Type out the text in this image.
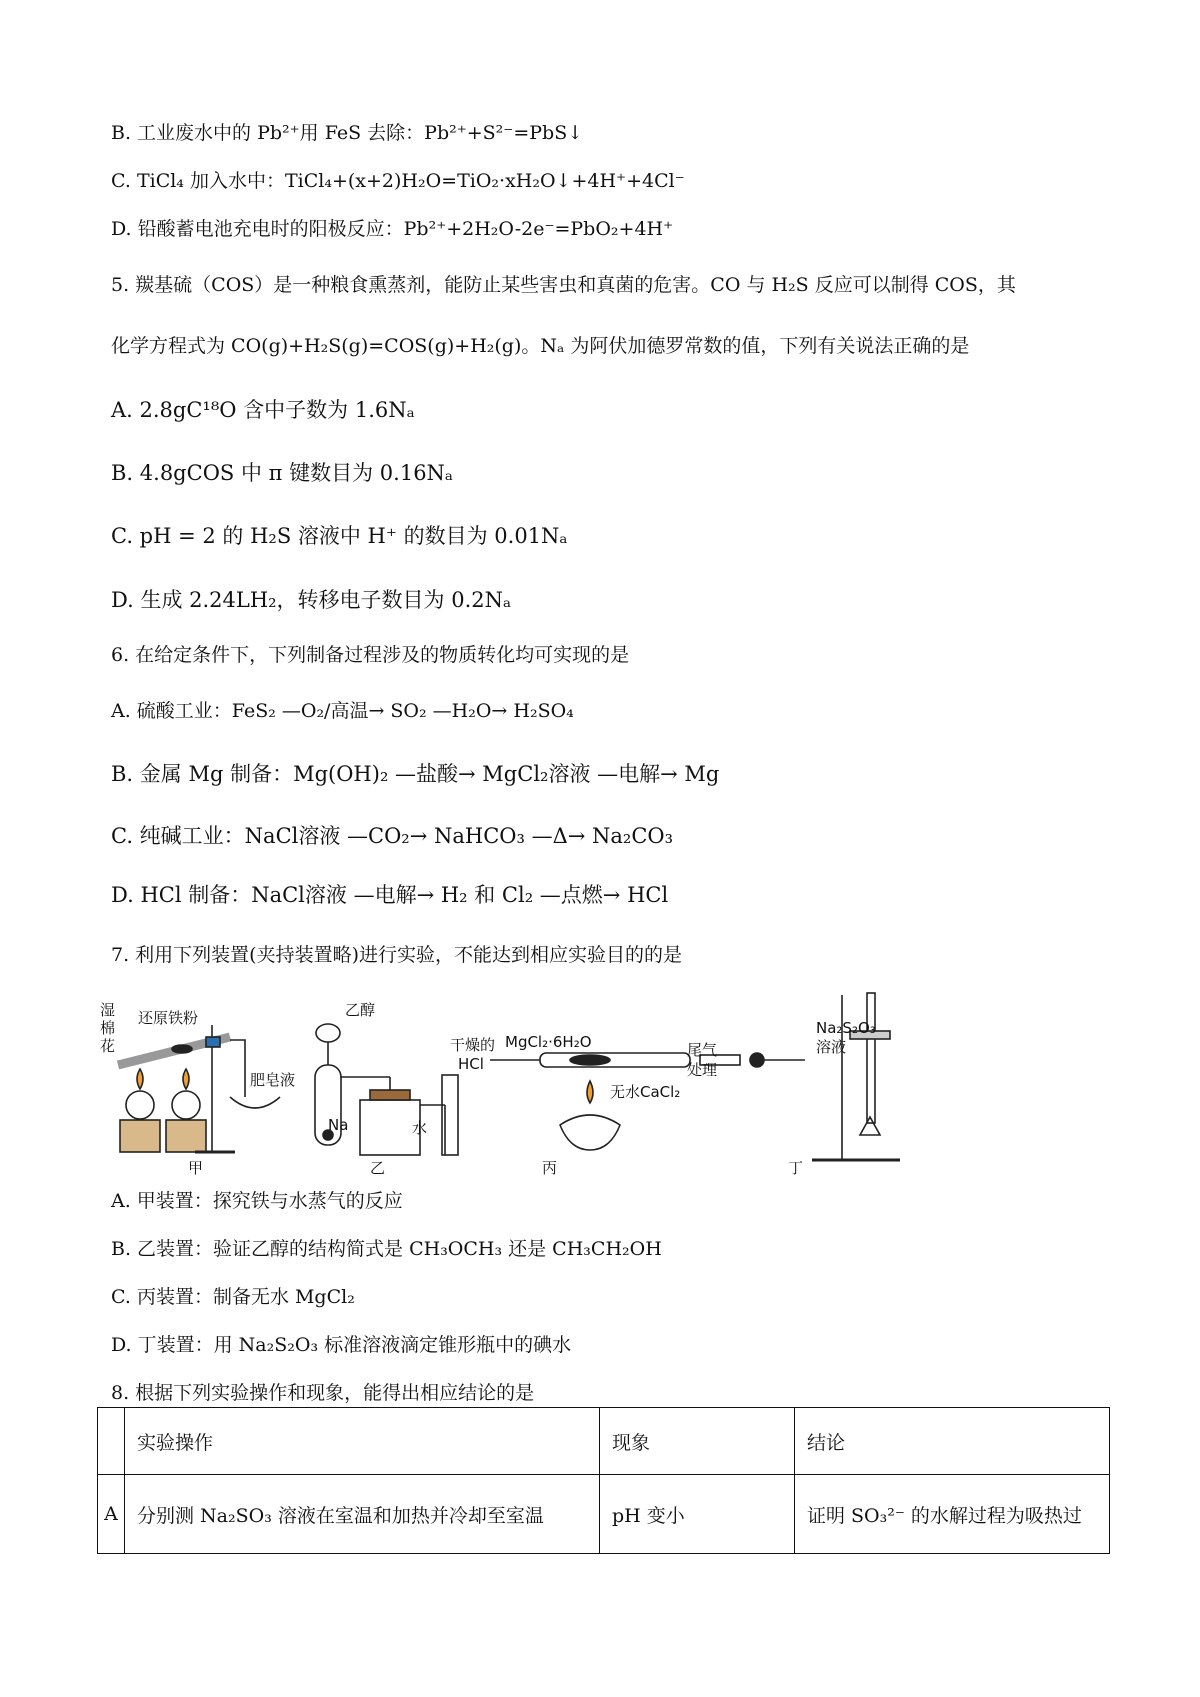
B. 工业废水中的 Pb²⁺用 FeS 去除：Pb²⁺+S²⁻=PbS↓
C. TiCl₄ 加入水中：TiCl₄+(x+2)H₂O=TiO₂·xH₂O↓+4H⁺+4Cl⁻
D. 铅酸蓄电池充电时的阳极反应：Pb²⁺+2H₂O-2e⁻=PbO₂+4H⁺
5. 羰基硫（COS）是一种粮食熏蒸剂，能防止某些害虫和真菌的危害。CO 与 H₂S 反应可以制得 COS，其
化学方程式为 CO(g)+H₂S(g)=COS(g)+H₂(g)。Nₐ 为阿伏加德罗常数的值，下列有关说法正确的是
A. 2.8gC¹⁸O 含中子数为 1.6Nₐ
B. 4.8gCOS 中 π 键数目为 0.16Nₐ
C. pH = 2 的 H₂S 溶液中 H⁺ 的数目为 0.01Nₐ
D. 生成 2.24LH₂，转移电子数目为 0.2Nₐ
6. 在给定条件下，下列制备过程涉及的物质转化均可实现的是
A. 硫酸工业：FeS₂ —O₂/高温→ SO₂ —H₂O→ H₂SO₄
B. 金属 Mg 制备：Mg(OH)₂ —盐酸→ MgCl₂溶液 —电解→ Mg
C. 纯碱工业：NaCl溶液 —CO₂→ NaHCO₃ —Δ→ Na₂CO₃
D. HCl 制备：NaCl溶液 —电解→ H₂ 和 Cl₂ —点燃→ HCl
7. 利用下列装置(夹持装置略)进行实验，不能达到相应实验目的的是
湿
棉
花
还原铁粉
肥皂液
甲
乙醇
Na	水
乙
干燥的
HCl
MgCl₂·6H₂O
无水CaCl₂
尾气
处理
丙
Na₂S₂O₃
溶液
丁
A. 甲装置：探究铁与水蒸气的反应
B. 乙装置：验证乙醇的结构简式是 CH₃OCH₃ 还是 CH₃CH₂OH
C. 丙装置：制备无水 MgCl₂
D. 丁装置：用 Na₂S₂O₃ 标准溶液滴定锥形瓶中的碘水
8. 根据下列实验操作和现象，能得出相应结论的是
	实验操作	现象	结论
A	分别测 Na₂SO₃ 溶液在室温和加热并冷却至室温	pH 变小	证明 SO₃²⁻ 的水解过程为吸热过
